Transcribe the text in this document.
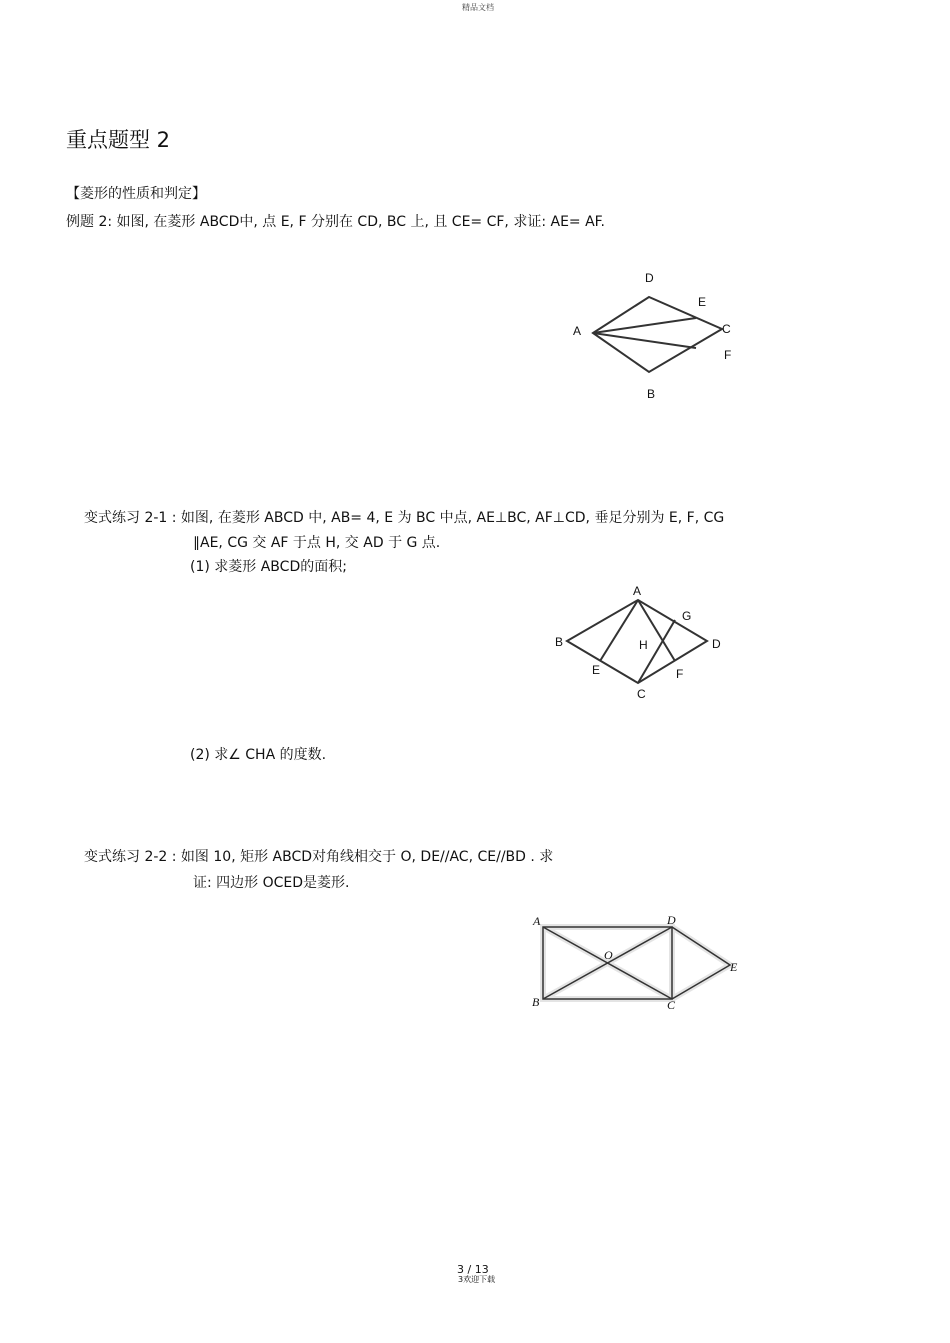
精品文档
重点题型 2
【菱形的性质和判定】
例题 2: 如图, 在菱形 ABCD中, 点 E, F 分别在 CD, BC 上, 且 CE= CF, 求证: AE= AF.
D
E
A	C
F
B
变式练习 2-1 : 如图, 在菱形 ABCD 中, AB= 4, E 为 BC 中点, AE⊥BC, AF⊥CD, 垂足分别为 E, F, CG
∥AE, CG 交 AF 于点 H, 交 AD 于 G 点.
(1) 求菱形 ABCD的面积;
A
G
B	H	D
E	F
C
(2) 求∠ CHA 的度数.
变式练习 2-2 : 如图 10, 矩形 ABCD对角线相交于 O, DE//AC, CE//BD . 求
证: 四边形 OCED是菱形.
A	D
O
E
B	C
3 / 13
3欢迎下载
